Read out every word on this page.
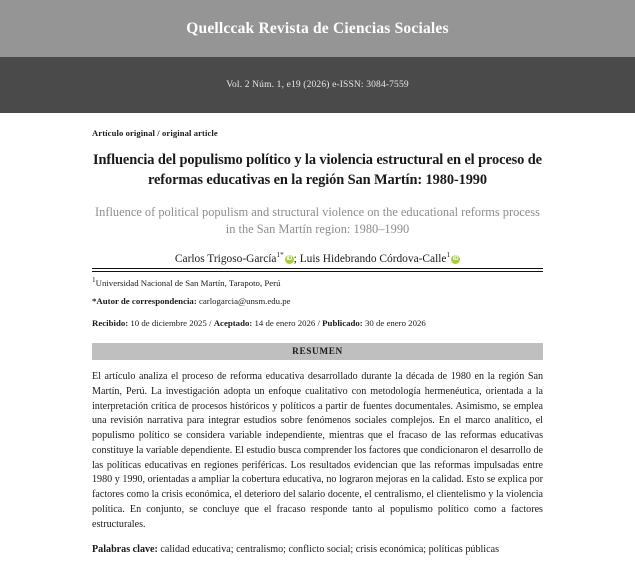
Quellccak Revista de Ciencias Sociales
Vol. 2 Núm. 1, e19 (2026) e-ISSN: 3084-7559
Artículo original / original article
Influencia del populismo político y la violencia estructural en el proceso de reformas educativas en la región San Martín: 1980-1990
Influence of political populism and structural violence on the educational reforms process in the San Martín region: 1980–1990
Carlos Trigoso-García$^{1*}$ iD ; Luis Hidebrando Córdova-Calle$^1$ iD
$^1$Universidad Nacional de San Martín, Tarapoto, Perú
*Autor de correspondencia: carlogarcia@unsm.edu.pe
Recibido: 10 de diciembre 2025 / Aceptado: 14 de enero 2026 / Publicado: 30 de enero 2026
RESUMEN
El artículo analiza el proceso de reforma educativa desarrollado durante la década de 1980 en la región San Martín, Perú. La investigación adopta un enfoque cualitativo con metodología hermenéutica, orientada a la interpretación crítica de procesos históricos y políticos a partir de fuentes documentales. Asimismo, se emplea una revisión narrativa para integrar estudios sobre fenómenos sociales complejos. En el marco analítico, el populismo político se considera variable independiente, mientras que el fracaso de las reformas educativas constituye la variable dependiente. El estudio busca comprender los factores que condicionaron el desarrollo de las políticas educativas en regiones periféricas. Los resultados evidencian que las reformas impulsadas entre 1980 y 1990, orientadas a ampliar la cobertura educativa, no lograron mejoras en la calidad. Esto se explica por factores como la crisis económica, el deterioro del salario docente, el centralismo, el clientelismo y la violencia política. En conjunto, se concluye que el fracaso responde tanto al populismo político como a factores estructurales.
Palabras clave: calidad educativa; centralismo; conflicto social; crisis económica; políticas públicas
